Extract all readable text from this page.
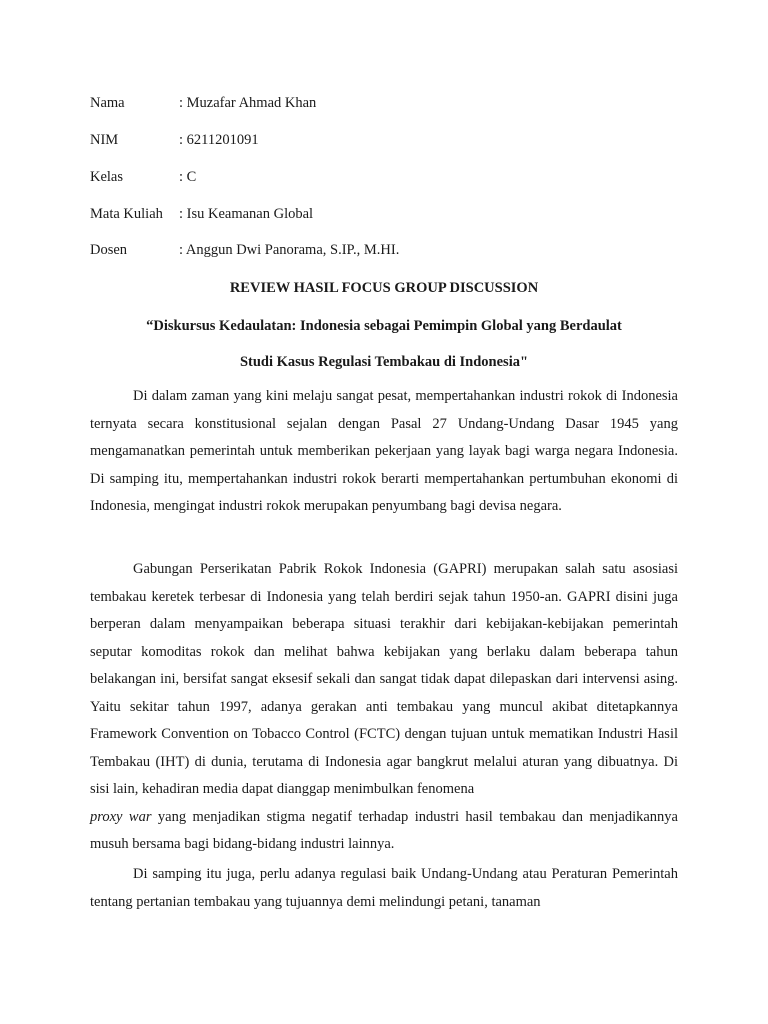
Nama	: Muzafar Ahmad Khan
NIM	: 6211201091
Kelas	: C
Mata Kuliah : Isu Keamanan Global
Dosen	: Anggun Dwi Panorama, S.IP., M.HI.
REVIEW HASIL FOCUS GROUP DISCUSSION
“Diskursus Kedaulatan: Indonesia sebagai Pemimpin Global yang Berdaulat
Studi Kasus Regulasi Tembakau di Indonesia"

Di dalam zaman yang kini melaju sangat pesat, mempertahankan industri rokok di Indonesia ternyata secara konstitusional sejalan dengan Pasal 27 Undang-Undang Dasar 1945 yang mengamanatkan pemerintah untuk memberikan pekerjaan yang layak bagi warga negara Indonesia. Di samping itu, mempertahankan industri rokok berarti mempertahankan pertumbuhan ekonomi di Indonesia, mengingat industri rokok merupakan penyumbang bagi devisa negara.

Gabungan Perserikatan Pabrik Rokok Indonesia (GAPRI) merupakan salah satu asosiasi tembakau keretek terbesar di Indonesia yang telah berdiri sejak tahun 1950-an. GAPRI disini juga berperan dalam menyampaikan beberapa situasi terakhir dari kebijakan-kebijakan pemerintah seputar komoditas rokok dan melihat bahwa kebijakan yang berlaku dalam beberapa tahun belakangan ini, bersifat sangat eksesif sekali dan sangat tidak dapat dilepaskan dari intervensi asing. Yaitu sekitar tahun 1997, adanya gerakan anti tembakau yang muncul akibat ditetapkannya Framework Convention on Tobacco Control (FCTC) dengan tujuan untuk mematikan Industri Hasil Tembakau (IHT) di dunia, terutama di Indonesia agar bangkrut melalui aturan yang dibuatnya. Di sisi lain, kehadiran media dapat dianggap menimbulkan fenomena
proxy war yang menjadikan stigma negatif terhadap industri hasil tembakau dan menjadikannya musuh bersama bagi bidang-bidang industri lainnya.

Di samping itu juga, perlu adanya regulasi baik Undang-Undang atau Peraturan Pemerintah tentang pertanian tembakau yang tujuannya demi melindungi petani, tanaman
